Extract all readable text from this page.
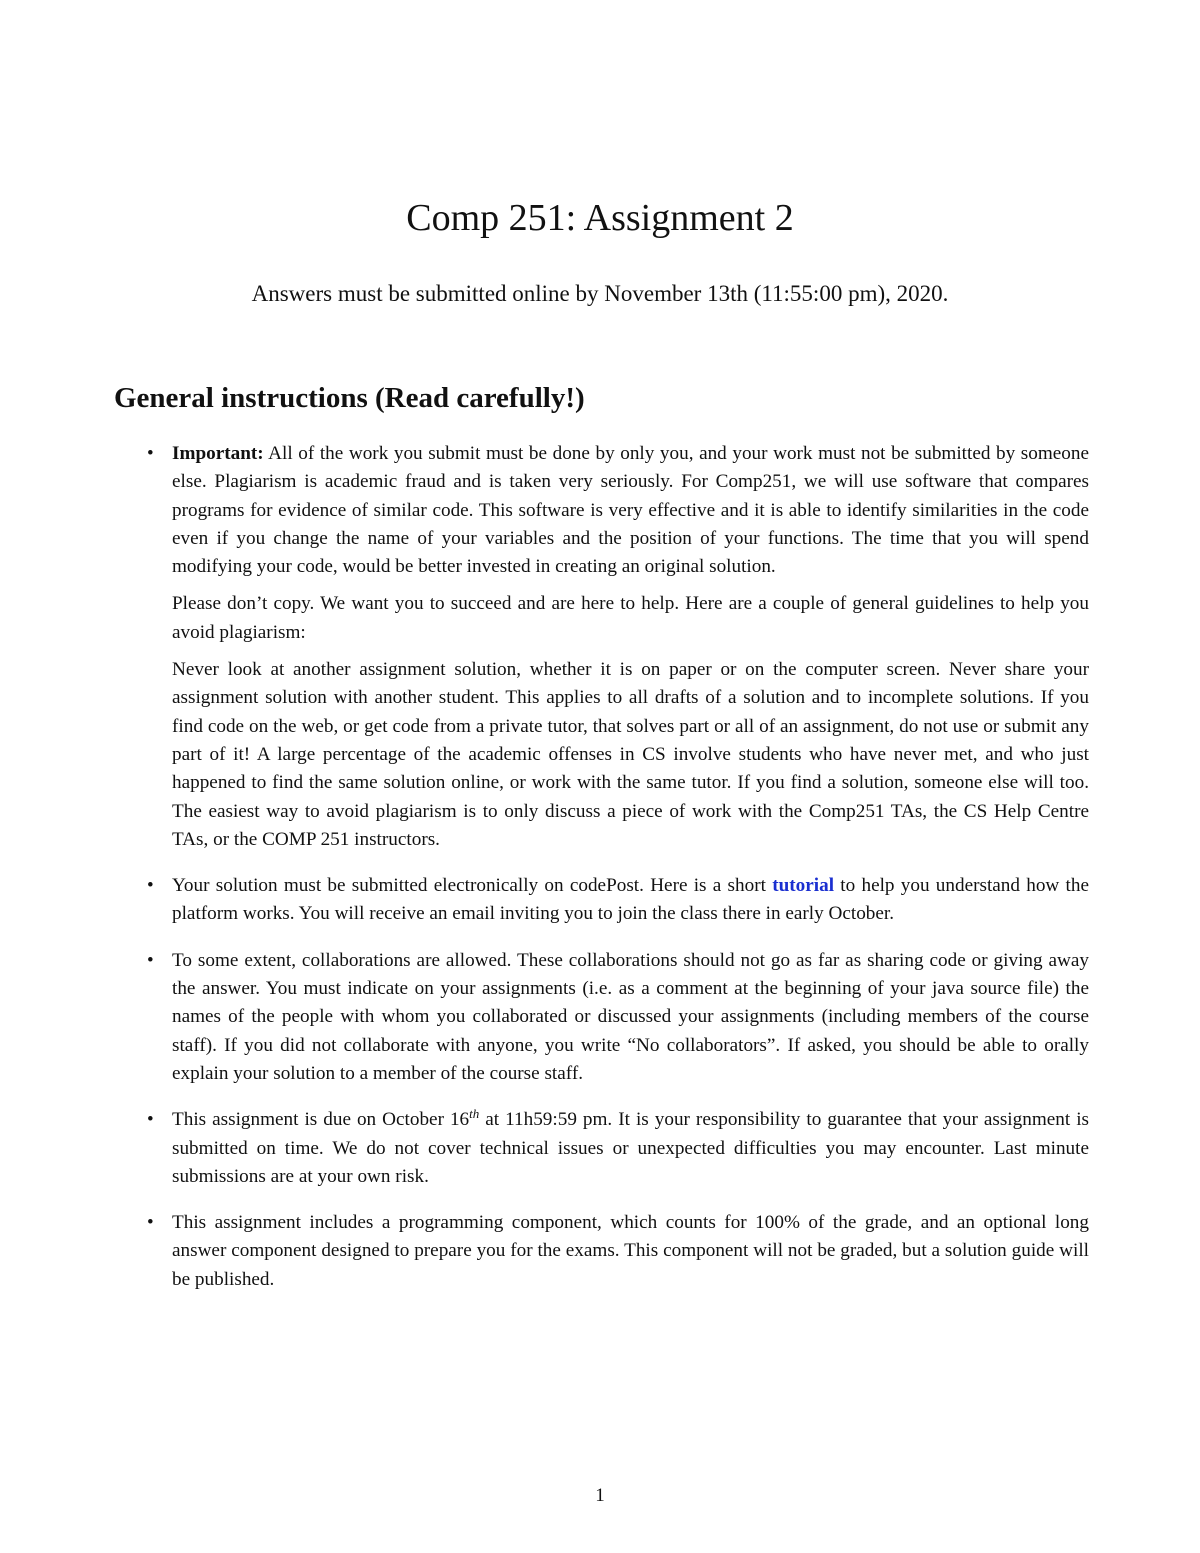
Comp 251: Assignment 2

Answers must be submitted online by November 13th (11:55:00 pm), 2020.

General instructions (Read carefully!)
• Important: All of the work you submit must be done by only you, and your work must not be submitted by someone else. Plagiarism is academic fraud and is taken very seriously. For Comp251, we will use software that compares programs for evidence of similar code. This software is very effective and it is able to identify similarities in the code even if you change the name of your variables and the position of your functions. The time that you will spend modifying your code, would be better invested in creating an original solution.

Please don’t copy. We want you to succeed and are here to help. Here are a couple of general guidelines to help you avoid plagiarism:

Never look at another assignment solution, whether it is on paper or on the computer screen. Never share your assignment solution with another student. This applies to all drafts of a solution and to incomplete solutions. If you find code on the web, or get code from a private tutor, that solves part or all of an assignment, do not use or submit any part of it! A large percentage of the academic offenses in CS involve students who have never met, and who just happened to find the same solution online, or work with the same tutor. If you find a solution, someone else will too. The easiest way to avoid plagiarism is to only discuss a piece of work with the Comp251 TAs, the CS Help Centre TAs, or the COMP 251 instructors.

• Your solution must be submitted electronically on codePost. Here is a short tutorial to help you understand how the platform works. You will receive an email inviting you to join the class there in early October.

• To some extent, collaborations are allowed. These collaborations should not go as far as sharing code or giving away the answer. You must indicate on your assignments (i.e. as a comment at the beginning of your java source file) the names of the people with whom you collaborated or discussed your assignments (including members of the course staff). If you did not collaborate with anyone, you write “No collaborators”. If asked, you should be able to orally explain your solution to a member of the course staff.

• This assignment is due on October 16th at 11h59:59 pm. It is your responsibility to guarantee that your assignment is submitted on time. We do not cover technical issues or unexpected difficulties you may encounter. Last minute submissions are at your own risk.

• This assignment includes a programming component, which counts for 100% of the grade, and an optional long answer component designed to prepare you for the exams. This component will not be graded, but a solution guide will be published.

1
